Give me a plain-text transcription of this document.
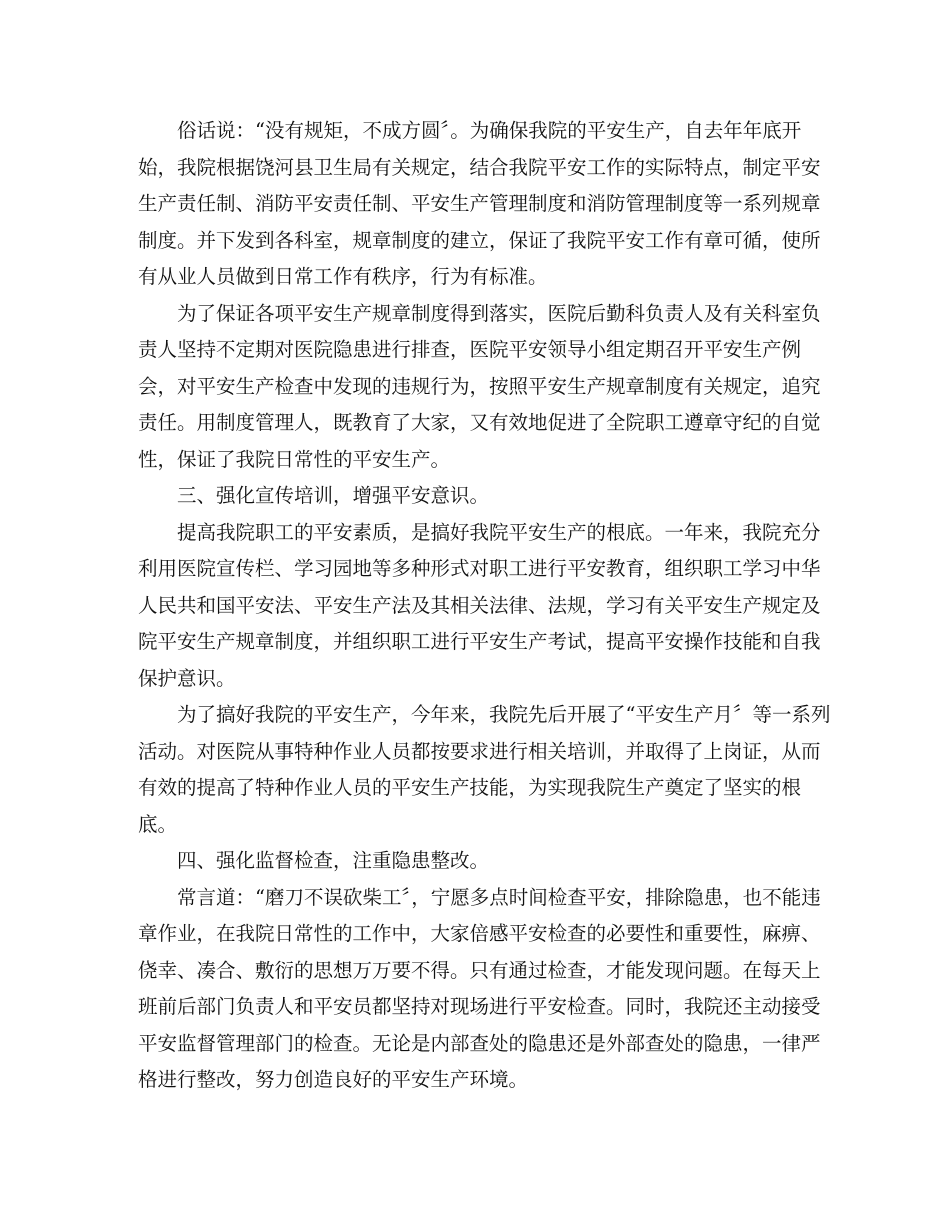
俗话说：“没有规矩，不成方圆〞。为确保我院的平安生产，自去年年底开
始，我院根据饶河县卫生局有关规定，结合我院平安工作的实际特点，制定平安
生产责任制、消防平安责任制、平安生产管理制度和消防管理制度等一系列规章
制度。并下发到各科室，规章制度的建立，保证了我院平安工作有章可循，使所
有从业人员做到日常工作有秩序，行为有标准。
为了保证各项平安生产规章制度得到落实，医院后勤科负责人及有关科室负
责人坚持不定期对医院隐患进行排查，医院平安领导小组定期召开平安生产例
会，对平安生产检查中发现的违规行为，按照平安生产规章制度有关规定，追究
责任。用制度管理人，既教育了大家，又有效地促进了全院职工遵章守纪的自觉
性，保证了我院日常性的平安生产。
三、强化宣传培训，增强平安意识。
提高我院职工的平安素质，是搞好我院平安生产的根底。一年来，我院充分
利用医院宣传栏、学习园地等多种形式对职工进行平安教育，组织职工学习中华
人民共和国平安法、平安生产法及其相关法律、法规，学习有关平安生产规定及
院平安生产规章制度，并组织职工进行平安生产考试，提高平安操作技能和自我
保护意识。
为了搞好我院的平安生产，今年来，我院先后开展了“平安生产月〞等一系列
活动。对医院从事特种作业人员都按要求进行相关培训，并取得了上岗证，从而
有效的提高了特种作业人员的平安生产技能，为实现我院生产奠定了坚实的根
底。
四、强化监督检查，注重隐患整改。
常言道：“磨刀不误砍柴工〞，宁愿多点时间检查平安，排除隐患，也不能违
章作业，在我院日常性的工作中，大家倍感平安检查的必要性和重要性，麻痹、
侥幸、凑合、敷衍的思想万万要不得。只有通过检查，才能发现问题。在每天上
班前后部门负责人和平安员都坚持对现场进行平安检查。同时，我院还主动接受
平安监督管理部门的检查。无论是内部查处的隐患还是外部查处的隐患，一律严
格进行整改，努力创造良好的平安生产环境。
